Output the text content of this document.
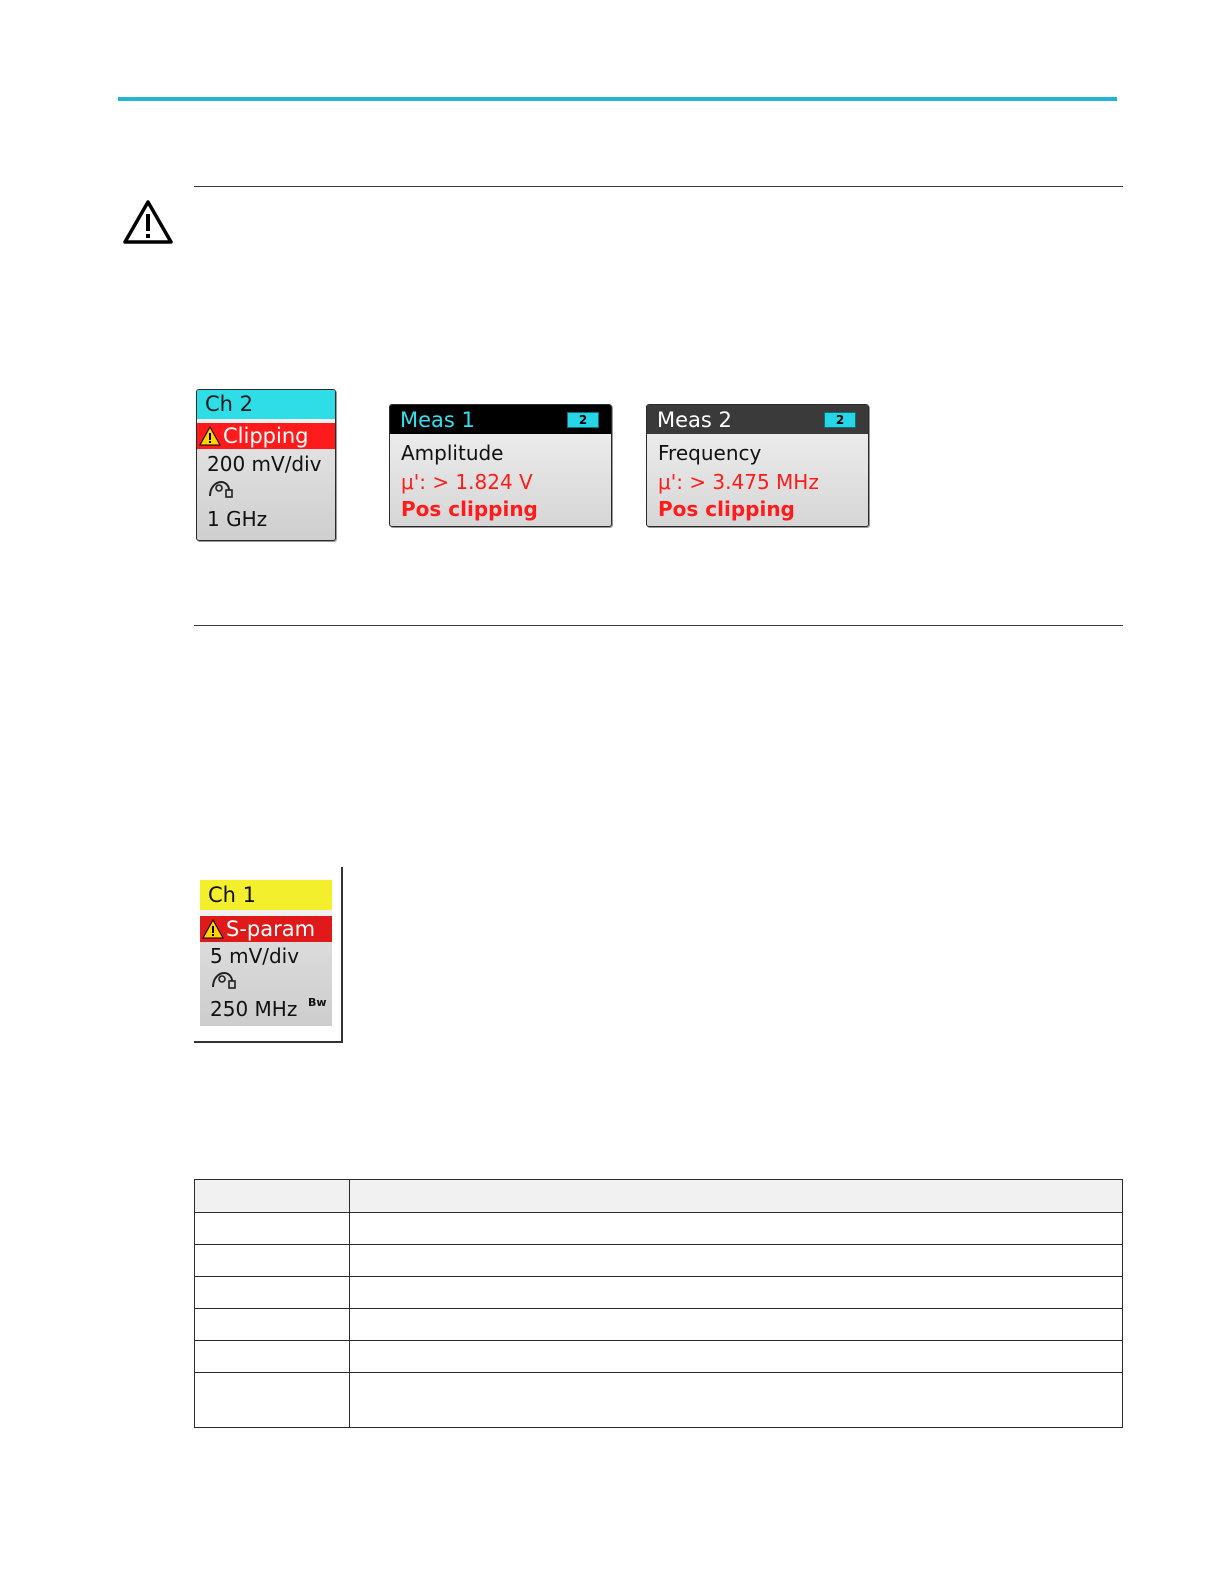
Ch 2
Clipping
200 mV/div
1 GHz
Meas 1	2
Amplitude
μ': > 1.824 V
Pos clipping
Meas 2	2
Frequency
μ': > 3.475 MHz
Pos clipping
Ch 1
S-param
5 mV/div
250 MHz Bw
